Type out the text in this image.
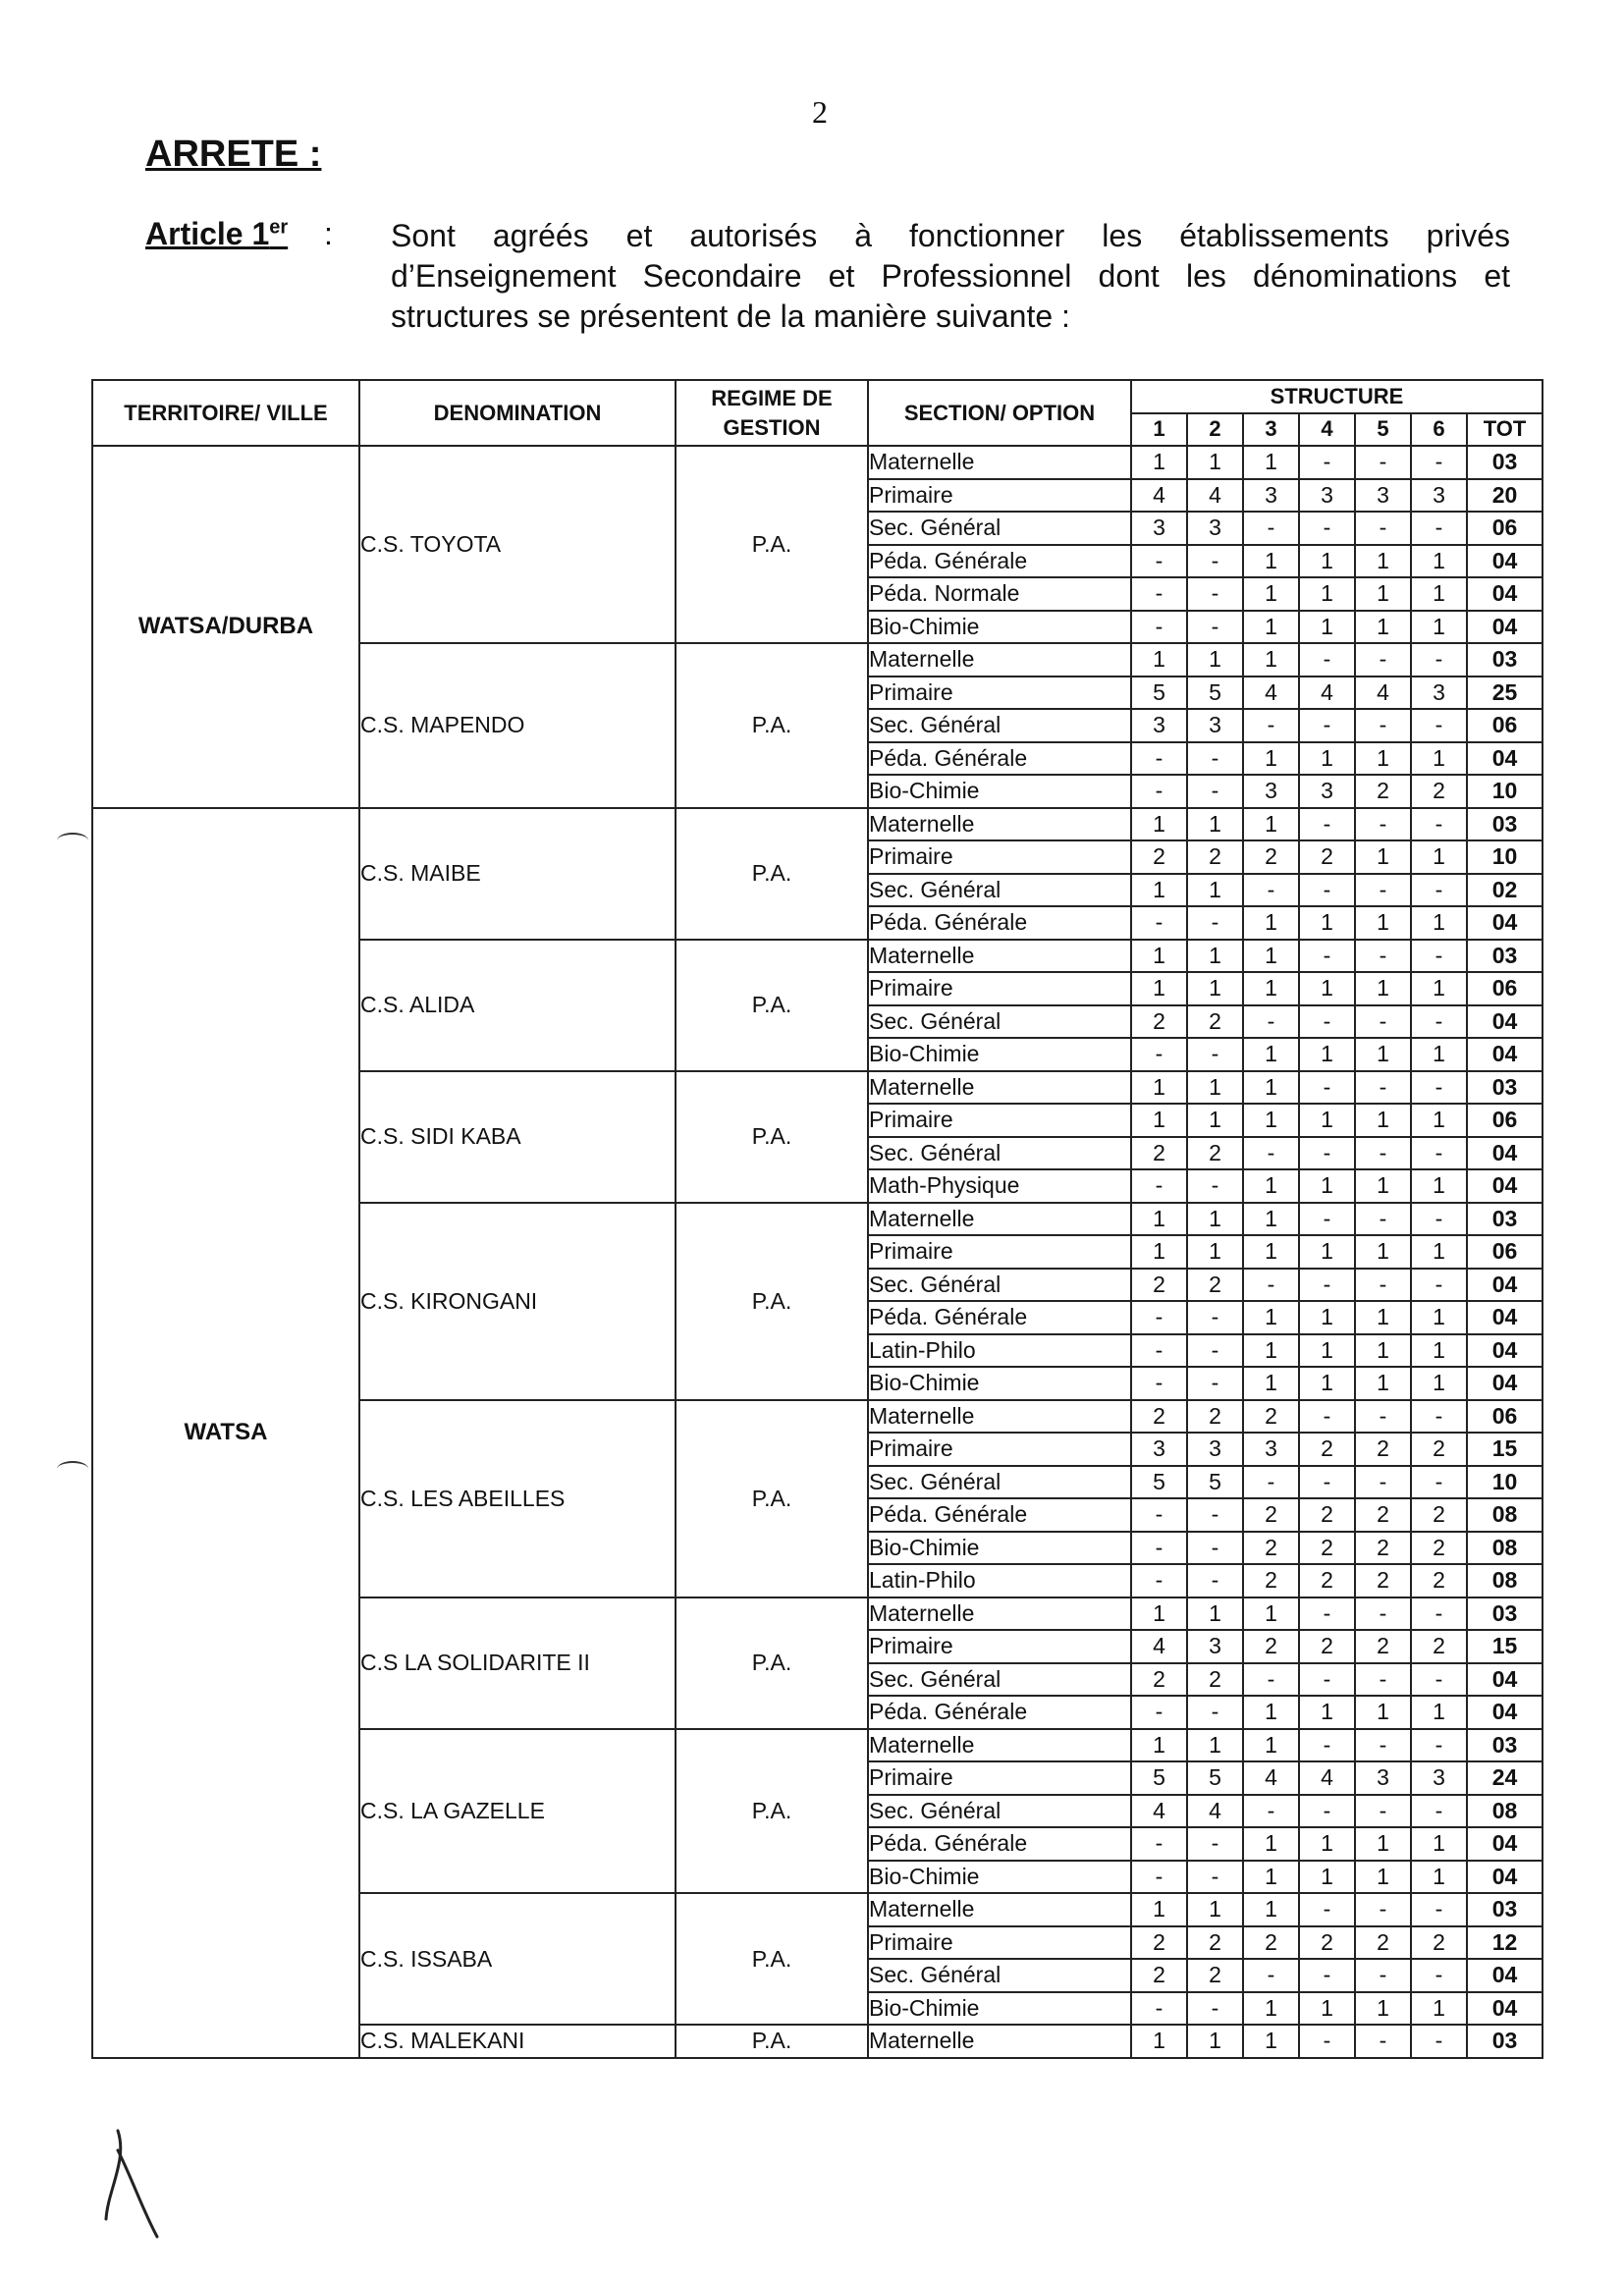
2
ARRETE :
Article 1er : Sont agréés et autorisés à fonctionner les établissements privés
d’Enseignement Secondaire et Professionnel dont les dénominations et
structures se présentent de la manière suivante :
TERRITOIRE/ VILLE	DENOMINATION	REGIME DE GESTION	SECTION/ OPTION	STRUCTURE						
				1	2	3	4	5	6	TOT
WATSA/DURBA	C.S. TOYOTA	P.A.	Maternelle	1	1	1	-	-	-	03
			Primaire	4	4	3	3	3	3	20
			Sec. Général	3	3	-	-	-	-	06
			Péda. Générale	-	-	1	1	1	1	04
			Péda. Normale	-	-	1	1	1	1	04
			Bio-Chimie	-	-	1	1	1	1	04
	C.S. MAPENDO	P.A.	Maternelle	1	1	1	-	-	-	03
			Primaire	5	5	4	4	4	3	25
			Sec. Général	3	3	-	-	-	-	06
			Péda. Générale	-	-	1	1	1	1	04
			Bio-Chimie	-	-	3	3	2	2	10
WATSA	C.S. MAIBE	P.A.	Maternelle	1	1	1	-	-	-	03
			Primaire	2	2	2	2	1	1	10
			Sec. Général	1	1	-	-	-	-	02
			Péda. Générale	-	-	1	1	1	1	04
	C.S. ALIDA	P.A.	Maternelle	1	1	1	-	-	-	03
			Primaire	1	1	1	1	1	1	06
			Sec. Général	2	2	-	-	-	-	04
			Bio-Chimie	-	-	1	1	1	1	04
	C.S. SIDI KABA	P.A.	Maternelle	1	1	1	-	-	-	03
			Primaire	1	1	1	1	1	1	06
			Sec. Général	2	2	-	-	-	-	04
			Math-Physique	-	-	1	1	1	1	04
	C.S. KIRONGANI	P.A.	Maternelle	1	1	1	-	-	-	03
			Primaire	1	1	1	1	1	1	06
			Sec. Général	2	2	-	-	-	-	04
			Péda. Générale	-	-	1	1	1	1	04
			Latin-Philo	-	-	1	1	1	1	04
			Bio-Chimie	-	-	1	1	1	1	04
	C.S. LES ABEILLES	P.A.	Maternelle	2	2	2	-	-	-	06
			Primaire	3	3	3	2	2	2	15
			Sec. Général	5	5	-	-	-	-	10
			Péda. Générale	-	-	2	2	2	2	08
			Bio-Chimie	-	-	2	2	2	2	08
			Latin-Philo	-	-	2	2	2	2	08
	C.S LA SOLIDARITE II	P.A.	Maternelle	1	1	1	-	-	-	03
			Primaire	4	3	2	2	2	2	15
			Sec. Général	2	2	-	-	-	-	04
			Péda. Générale	-	-	1	1	1	1	04
	C.S. LA GAZELLE	P.A.	Maternelle	1	1	1	-	-	-	03
			Primaire	5	5	4	4	3	3	24
			Sec. Général	4	4	-	-	-	-	08
			Péda. Générale	-	-	1	1	1	1	04
			Bio-Chimie	-	-	1	1	1	1	04
	C.S. ISSABA	P.A.	Maternelle	1	1	1	-	-	-	03
			Primaire	2	2	2	2	2	2	12
			Sec. Général	2	2	-	-	-	-	04
			Bio-Chimie	-	-	1	1	1	1	04
	C.S. MALEKANI	P.A.	Maternelle	1	1	1	-	-	-	03
